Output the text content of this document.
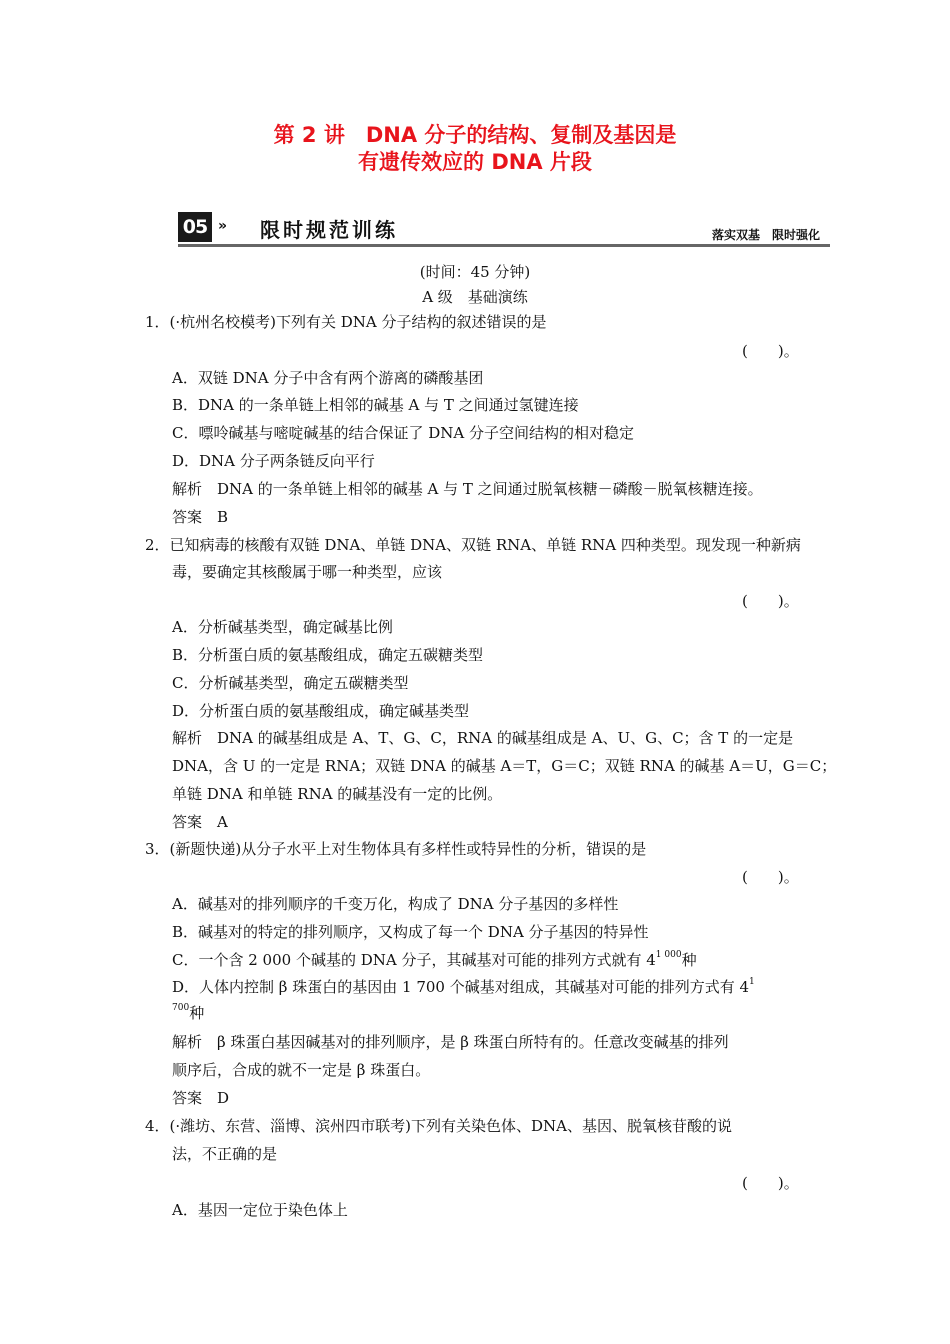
第 2 讲　DNA 分子的结构、复制及基因是
有遗传效应的 DNA 片段
05 » 限时规范训练	落实双基　限时强化
(时间：45 分钟)
A 级　基础演练
1．(·杭州名校模考)下列有关 DNA 分子结构的叙述错误的是
(　　)。
A．双链 DNA 分子中含有两个游离的磷酸基团
B．DNA 的一条单链上相邻的碱基 A 与 T 之间通过氢键连接
C．嘌呤碱基与嘧啶碱基的结合保证了 DNA 分子空间结构的相对稳定
D．DNA 分子两条链反向平行
解析　DNA 的一条单链上相邻的碱基 A 与 T 之间通过脱氧核糖－磷酸－脱氧核糖连接。
答案　B
2．已知病毒的核酸有双链 DNA、单链 DNA、双链 RNA、单链 RNA 四种类型。现发现一种新病
毒，要确定其核酸属于哪一种类型，应该
(　　)。
A．分析碱基类型，确定碱基比例
B．分析蛋白质的氨基酸组成，确定五碳糖类型
C．分析碱基类型，确定五碳糖类型
D．分析蛋白质的氨基酸组成，确定碱基类型
解析　DNA 的碱基组成是 A、T、G、C，RNA 的碱基组成是 A、U、G、C；含 T 的一定是
DNA，含 U 的一定是 RNA；双链 DNA 的碱基 A＝T，G＝C；双链 RNA 的碱基 A＝U，G＝C；
单链 DNA 和单链 RNA 的碱基没有一定的比例。
答案　A
3．(新题快递)从分子水平上对生物体具有多样性或特异性的分析，错误的是
(　　)。
A．碱基对的排列顺序的千变万化，构成了 DNA 分子基因的多样性
B．碱基对的特定的排列顺序，又构成了每一个 DNA 分子基因的特异性
C．一个含 2 000 个碱基的 DNA 分子，其碱基对可能的排列方式就有 $4^{1 000}$种
D．人体内控制 β 珠蛋白的基因由 1 700 个碱基对组成，其碱基对可能的排列方式有 $4^1$
$^{700}$种
解析　β 珠蛋白基因碱基对的排列顺序，是 β 珠蛋白所特有的。任意改变碱基的排列
顺序后，合成的就不一定是 β 珠蛋白。
答案　D
4．(·潍坊、东营、淄博、滨州四市联考)下列有关染色体、DNA、基因、脱氧核苷酸的说
法，不正确的是
(　　)。
A．基因一定位于染色体上
